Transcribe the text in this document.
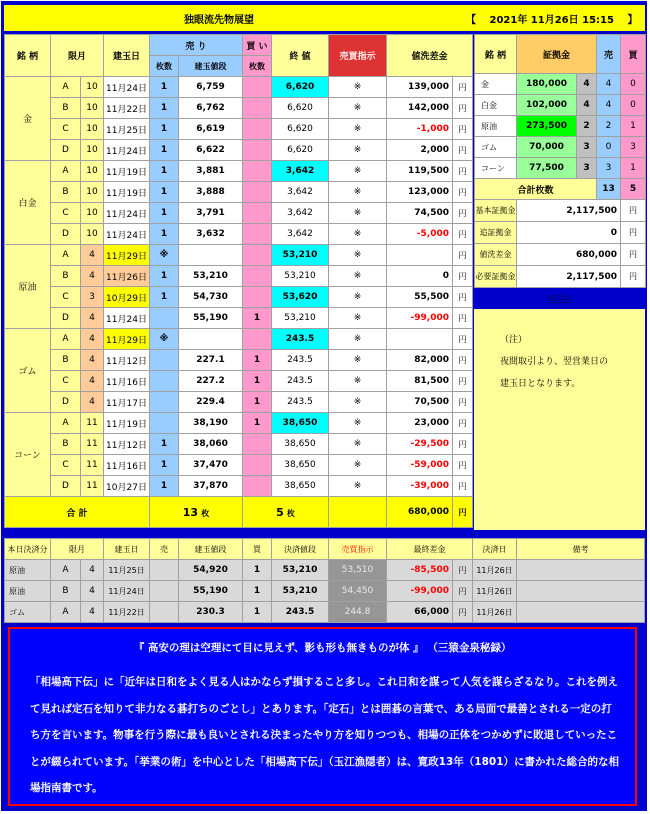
独眼流先物展望	【　 2021年 11月26日 15:15　 】
銘 柄	限月		建玉日	売 り		買 い	終 値	売買指示	値洗差金	
				枚数	建玉値段	枚数				
金	A	10	11月24日	1	6,759		6,620	※	139,000	円
	B	10	11月22日	1	6,762		6,620	※	142,000	円
	C	10	11月25日	1	6,619		6,620	※	-1,000	円
	D	10	11月24日	1	6,622		6,620	※	2,000	円
白金	A	10	11月19日	1	3,881		3,642	※	119,500	円
	B	10	11月19日	1	3,888		3,642	※	123,000	円
	C	10	11月24日	1	3,791		3,642	※	74,500	円
	D	10	11月24日	1	3,632		3,642	※	-5,000	円
原油	A	4	11月29日	※			53,210	※		円
	B	4	11月26日	1	53,210		53,210	※	0	円
	C	3	10月29日	1	54,730		53,620	※	55,500	円
	D	4	11月24日		55,190	1	53,210	※	-99,000	円
ゴム	A	4	11月29日	※			243.5	※		円
	B	4	11月12日		227.1	1	243.5	※	82,000	円
	C	4	11月16日		227.2	1	243.5	※	81,500	円
	D	4	11月17日		229.4	1	243.5	※	70,500	円
コーン	A	11	11月19日		38,190	1	38,650	※	23,000	円
	B	11	11月12日	1	38,060		38,650	※	-29,500	円
	C	11	11月16日	1	37,470		38,650	※	-59,000	円
	D	11	10月27日	1	37,870		38,650	※	-39,000	円
合 計				13 枚		5 枚			680,000	円
銘 柄	証拠金		売	買
金	180,000	4	4	0
白金	102,000	4	4	0
原油	273,500	2	2	1
ゴム	70,000	3	0	3
コーン	77,500	3	3	1
合計枚数			13	5
基本証拠金	2,117,500			円
追証拠金	0			円
値洗差金	680,000			円
必要証拠金	2,117,500			円
MEMO
（注）
夜間取引より、翌営業日の
建玉日となります。
本日決済分	限月		建玉日	売	建玉値段	買	決済値段	売買指示	最終差金		決済日	備考
原油	A	4	11月25日		54,920	1	53,210	53,510	-85,500	円	11月26日	
原油	B	4	11月24日		55,190	1	53,210	54,450	-99,000	円	11月26日	
ゴム	A	4	11月22日		230.3	1	243.5	244.8	66,000	円	11月26日	
『 高安の理は空理にて目に見えず、影も形も無きものが体 』 （三猿金泉秘録）
「相場高下伝」に「近年は日和をよく見る人はかならず損すること多し。これ日和を謀って人気を謀らざるなり。これを例えて見れば定石を知りて非力なる碁打ちのごとし」とあります。「定石」とは囲碁の言葉で、ある局面で最善とされる一定の打ち方を言います。物事を行う際に最も良いとされる決まったやり方を知りつつも、相場の正体をつかめずに敗退していったことが綴られています。「挙業の術」を中心とした「相場高下伝」（玉江漁隠者）は、寛政13年（1801）に書かれた総合的な相場指南書です。
